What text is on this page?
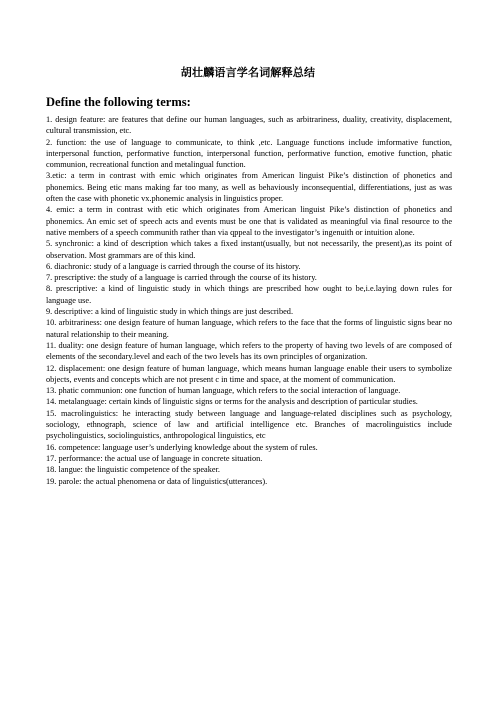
胡壮麟语言学名词解释总结
Define the following terms:

1. design feature: are features that define our human languages, such as arbitrariness, duality, creativity, displacement, cultural transmission, etc.

2. function: the use of language to communicate, to think ,etc. Language functions include imformative function, interpersonal function, performative function, interpersonal function, performative function, emotive function, phatic communion, recreational function and metalingual function.

3.etic: a term in contrast with emic which originates from American linguist Pike’s distinction of phonetics and phonemics. Being etic mans making far too many, as well as behaviously inconsequential, differentiations, just as was often the case with phonetic vx.phonemic analysis in linguistics proper.

4. emic: a term in contrast with etic which originates from American linguist Pike’s distinction of phonetics and phonemics. An emic set of speech acts and events must be one that is validated as meaningful via final resource to the native members of a speech communith rather than via qppeal to the investigator’s ingenuith or intuition alone.

5. synchronic: a kind of description which takes a fixed instant(usually, but not necessarily, the present),as its point of observation. Most grammars are of this kind.

6. diachronic: study of a language is carried through the course of its history.

7. prescriptive: the study of a language is carried through the course of its history.

8. prescriptive: a kind of linguistic study in which things are prescribed how ought to be,i.e.laying down rules for language use.

9. descriptive: a kind of linguistic study in which things are just described.

10. arbitrariness: one design feature of human language, which refers to the face that the forms of linguistic signs bear no natural relationship to their meaning.

11. duality: one design feature of human language, which refers to the property of having two levels of are composed of elements of the secondary.level and each of the two levels has its own principles of organization.

12. displacement: one design feature of human language, which means human language enable their users to symbolize objects, events and concepts which are not present c in time and space, at the moment of communication.

13. phatic communion: one function of human language, which refers to the social interaction of language.

14. metalanguage: certain kinds of linguistic signs or terms for the analysis and description of particular studies.

15. macrolinguistics: he interacting study between language and language-related disciplines such as psychology, sociology, ethnograph, science of law and artificial intelligence etc. Branches of macrolinguistics include psycholinguistics, sociolinguistics, anthropological linguistics, etc

16. competence: language user’s underlying knowledge about the system of rules.

17. performance: the actual use of language in concrete situation.

18. langue: the linguistic competence of the speaker.

19. parole: the actual phenomena or data of linguistics(utterances).
